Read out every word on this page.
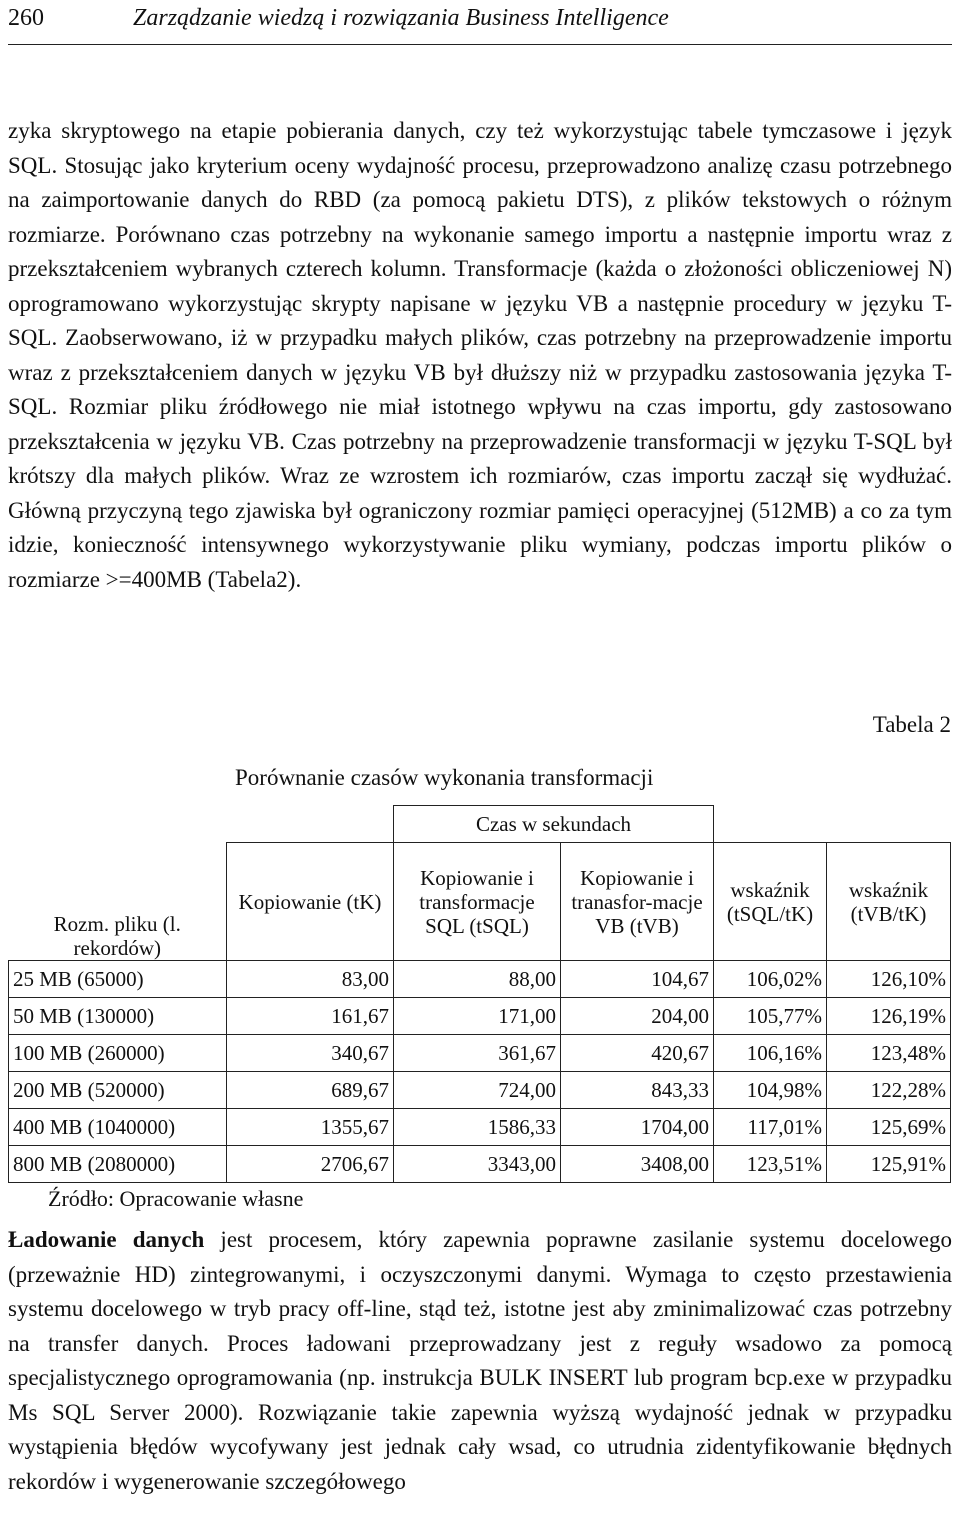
260	Zarządzanie wiedzą i rozwiązania Business Intelligence

zyka skryptowego na etapie pobierania danych, czy też wykorzystując tabele tymczasowe i język SQL. Stosując jako kryterium oceny wydajność procesu, przeprowadzono analizę czasu potrzebnego na zaimportowanie danych do RBD (za pomocą pakietu DTS), z plików tekstowych o różnym rozmiarze. Porównano czas potrzebny na wykonanie samego importu a następnie importu wraz z przekształceniem wybranych czterech kolumn. Transformacje (każda o złożoności obliczeniowej N) oprogramowano wykorzystując skrypty napisane w języku VB a następnie procedury w języku T-SQL. Zaobserwowano, iż w przypadku małych plików, czas potrzebny na przeprowadzenie importu wraz z przekształceniem danych w języku VB był dłuższy niż w przypadku zastosowania języka T-SQL. Rozmiar pliku źródłowego nie miał istotnego wpływu na czas importu, gdy zastosowano przekształcenia w języku VB. Czas potrzebny na przeprowadzenie transformacji w języku T-SQL był krótszy dla małych plików. Wraz ze wzrostem ich rozmiarów, czas importu zaczął się wydłużać. Główną przyczyną tego zjawiska był ograniczony rozmiar pamięci operacyjnej (512MB) a co za tym idzie, konieczność intensywnego wykorzystywanie pliku wymiany, podczas importu plików o rozmiarze >=400MB (Tabela2).

Tabela 2
Porównanie czasów wykonania transformacji
		Czas w sekundach			
Rozm. pliku (l. rekordów)	Kopiowanie (tK)	Kopiowanie i transformacje SQL (tSQL)	Kopiowanie i tranasfor-macje VB (tVB)	wskaźnik (tSQL/tK)	wskaźnik (tVB/tK)
25 MB (65000)	83,00	88,00	104,67	106,02%	126,10%
50 MB (130000)	161,67	171,00	204,00	105,77%	126,19%
100 MB (260000)	340,67	361,67	420,67	106,16%	123,48%
200 MB (520000)	689,67	724,00	843,33	104,98%	122,28%
400 MB (1040000)	1355,67	1586,33	1704,00	117,01%	125,69%
800 MB (2080000)	2706,67	3343,00	3408,00	123,51%	125,91%
Źródło: Opracowanie własne

Ładowanie danych jest procesem, który zapewnia poprawne zasilanie systemu docelowego (przeważnie HD) zintegrowanymi, i oczyszczonymi danymi. Wymaga to często przestawienia systemu docelowego w tryb pracy off-line, stąd też, istotne jest aby zminimalizować czas potrzebny na transfer danych. Proces ładowani przeprowadzany jest z reguły wsadowo za pomocą specjalistycznego oprogramowania (np. instrukcja BULK INSERT lub program bcp.exe w przypadku Ms SQL Server 2000). Rozwiązanie takie zapewnia wyższą wydajność jednak w przypadku wystąpienia błędów wycofywany jest jednak cały wsad, co utrudnia zidentyfikowanie błędnych rekordów i wygenerowanie szczegółowego
